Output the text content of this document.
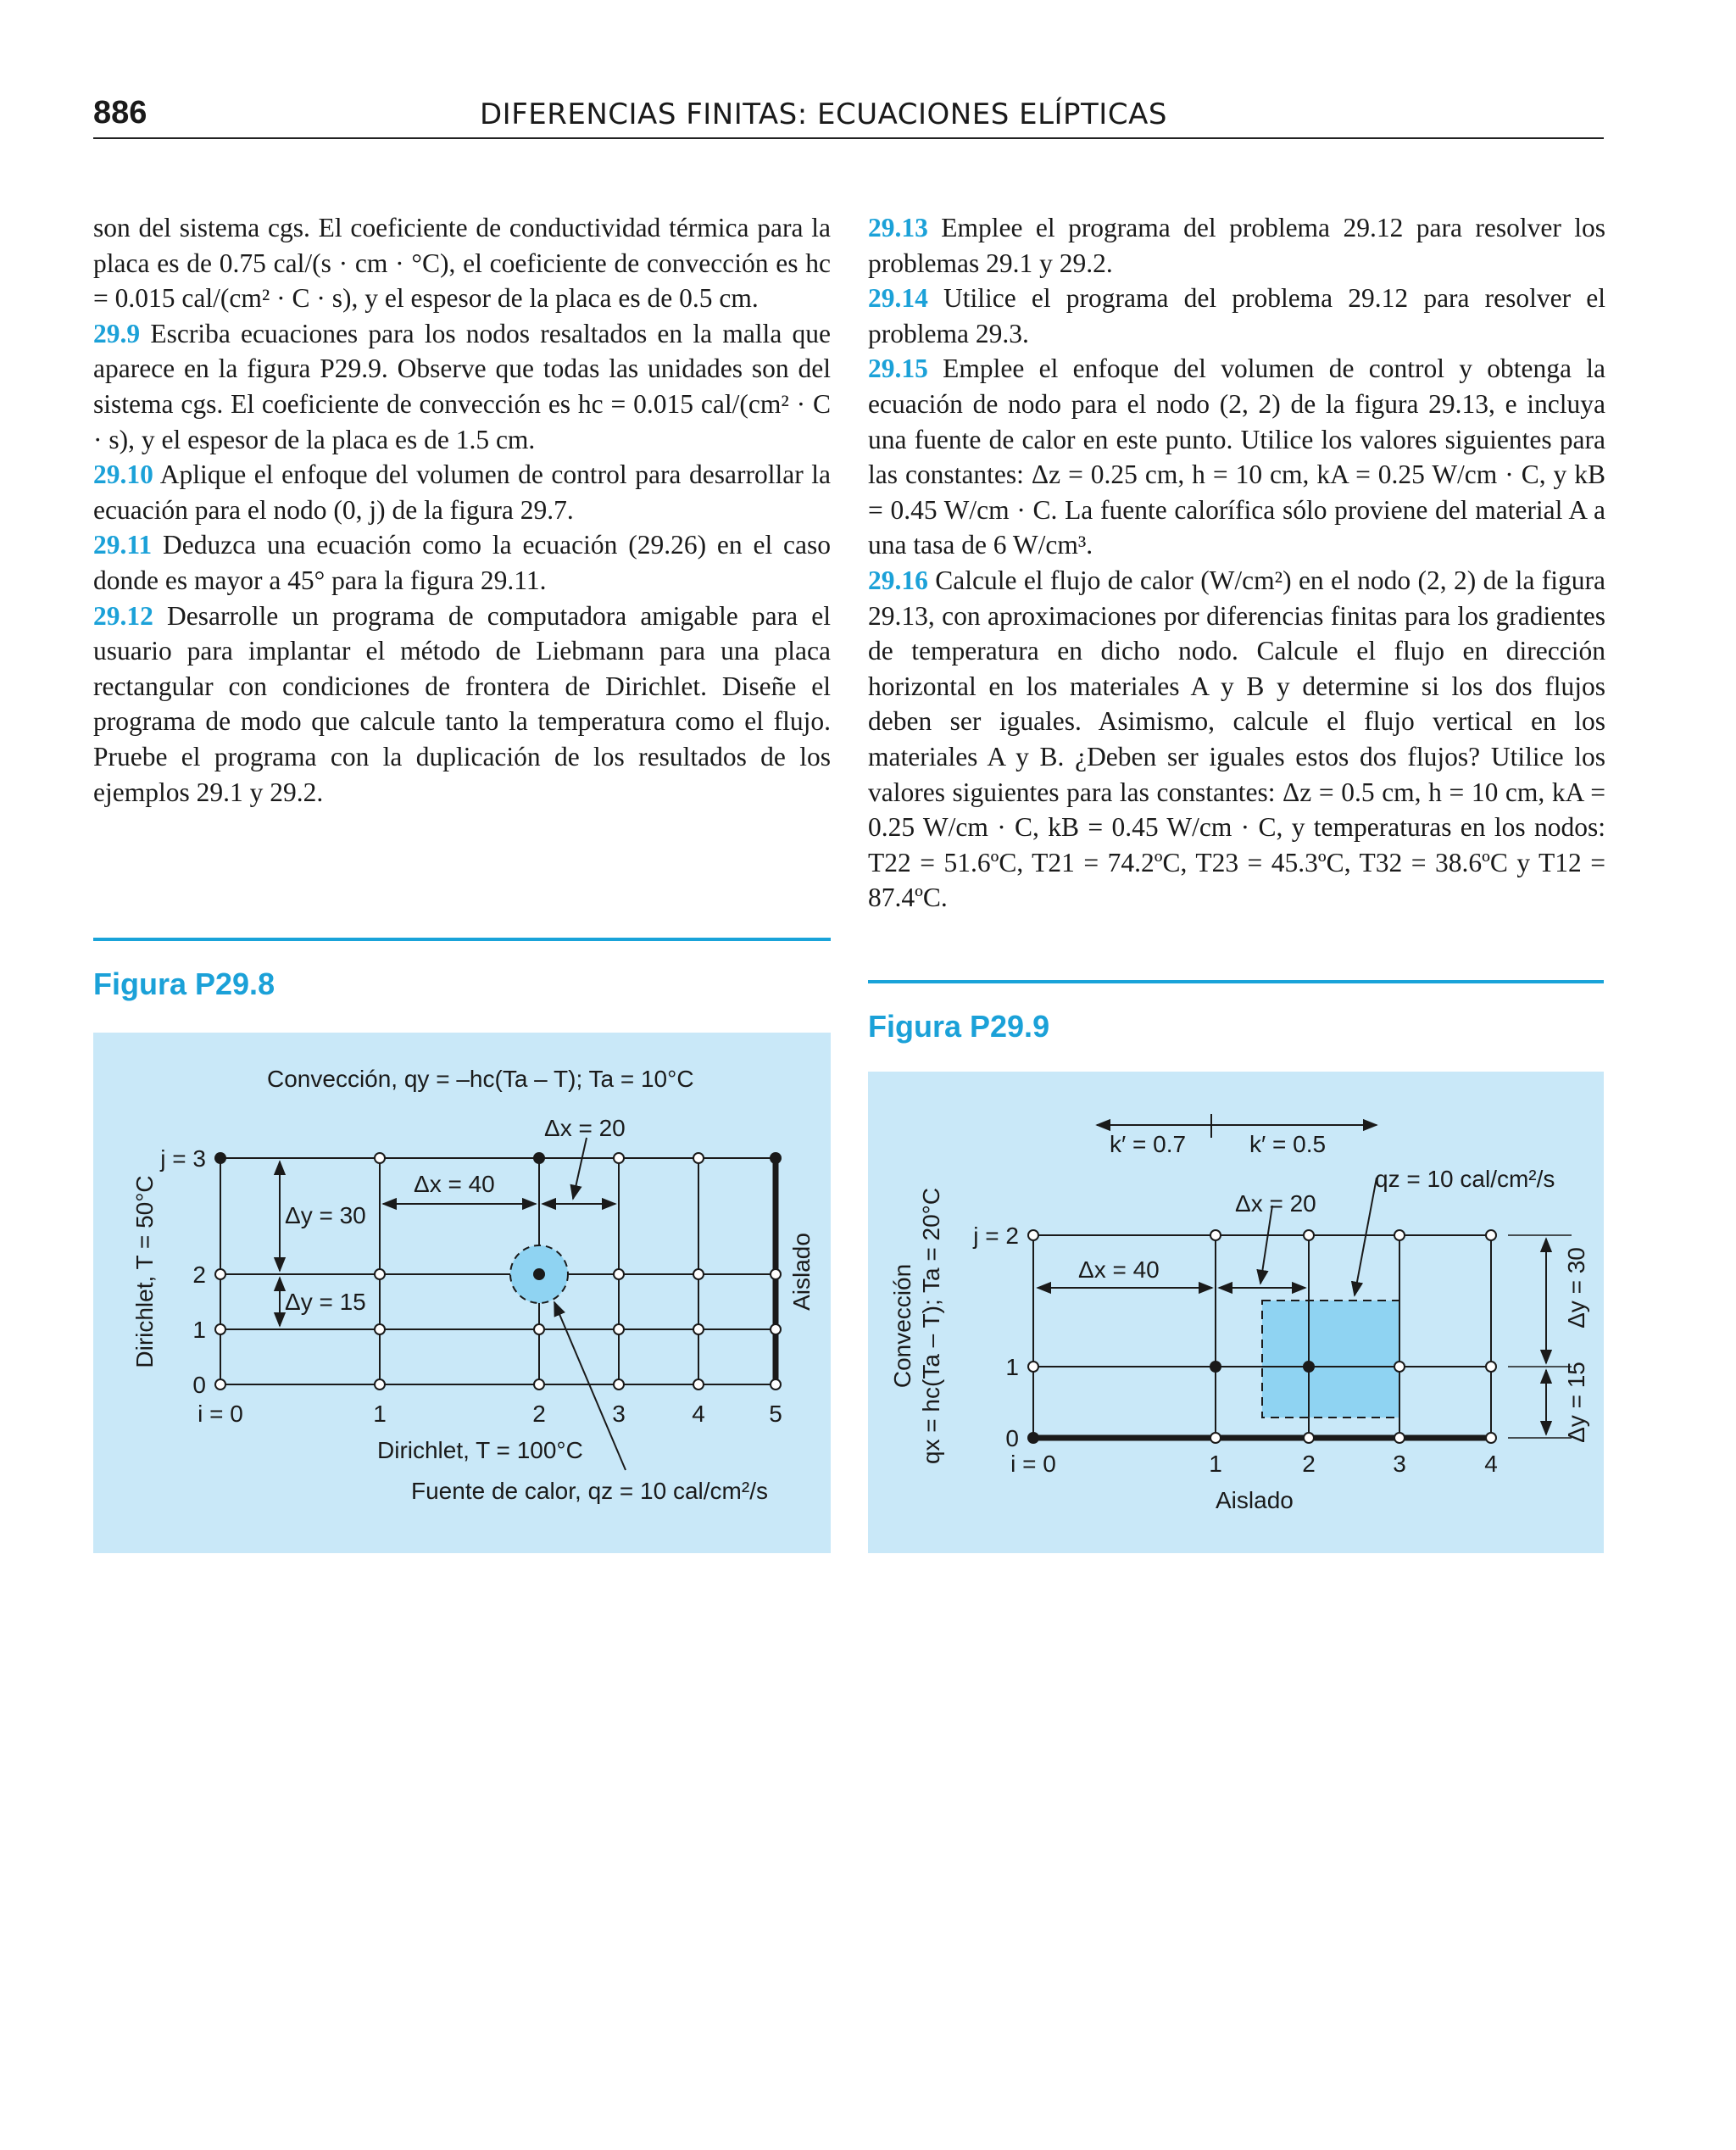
886	DIFERENCIAS FINITAS: ECUACIONES ELÍPTICAS

son del sistema cgs. El coeficiente de conductividad térmica para la placa es de 0.75 cal/(s · cm · °C), el coeficiente de convección es hc = 0.015 cal/(cm² · C · s), y el espesor de la placa es de 0.5 cm.

29.9 Escriba ecuaciones para los nodos resaltados en la malla que aparece en la figura P29.9. Observe que todas las unidades son del sistema cgs. El coeficiente de convección es hc = 0.015 cal/(cm² · C · s), y el espesor de la placa es de 1.5 cm.

29.10 Aplique el enfoque del volumen de control para desarrollar la ecuación para el nodo (0, j) de la figura 29.7.

29.11 Deduzca una ecuación como la ecuación (29.26) en el caso donde es mayor a 45° para la figura 29.11.

29.12 Desarrolle un programa de computadora amigable para el usuario para implantar el método de Liebmann para una placa rectangular con condiciones de frontera de Dirichlet. Diseñe el programa de modo que calcule tanto la temperatura como el flujo. Pruebe el programa con la duplicación de los resultados de los ejemplos 29.1 y 29.2.

29.13 Emplee el programa del problema 29.12 para resolver los problemas 29.1 y 29.2.

29.14 Utilice el programa del problema 29.12 para resolver el problema 29.3.

29.15 Emplee el enfoque del volumen de control y obtenga la ecuación de nodo para el nodo (2, 2) de la figura 29.13, e incluya una fuente de calor en este punto. Utilice los valores siguientes para las constantes: Δz = 0.25 cm, h = 10 cm, kA = 0.25 W/cm · C, y kB = 0.45 W/cm · C. La fuente calorífica sólo proviene del material A a una tasa de 6 W/cm³.

29.16 Calcule el flujo de calor (W/cm²) en el nodo (2, 2) de la figura 29.13, con aproximaciones por diferencias finitas para los gradientes de temperatura en dicho nodo. Calcule el flujo en dirección horizontal en los materiales A y B y determine si los dos flujos deben ser iguales. Asimismo, calcule el flujo vertical en los materiales A y B. ¿Deben ser iguales estos dos flujos? Utilice los valores siguientes para las constantes: Δz = 0.5 cm, h = 10 cm, kA = 0.25 W/cm · C, kB = 0.45 W/cm · C, y temperaturas en los nodos: T22 = 51.6ºC, T21 = 74.2ºC, T23 = 45.3ºC, T32 = 38.6ºC y T12 = 87.4ºC.

Figura P29.8
Convección, qy = –hc(Ta – T); Ta = 10°C
Δx = 20
Δx = 40
Δy = 30
Δy = 15
Dirichlet, T = 50°C	Aislado
Dirichlet, T = 100°C
Fuente de calor, qz = 10 cal/cm²/s
0
1
2
j = 3
i = 0	1	2	3	4	5
Figura P29.9
k′ = 0.7	k′ = 0.5
qz = 10 cal/cm²/s
Δx = 20
Δx = 40
Convección qx = hc(Ta – T); Ta = 20°C	Δy = 15
Δy = 30
Aislado
0
1
j = 2
i = 0	1	2	3	4
